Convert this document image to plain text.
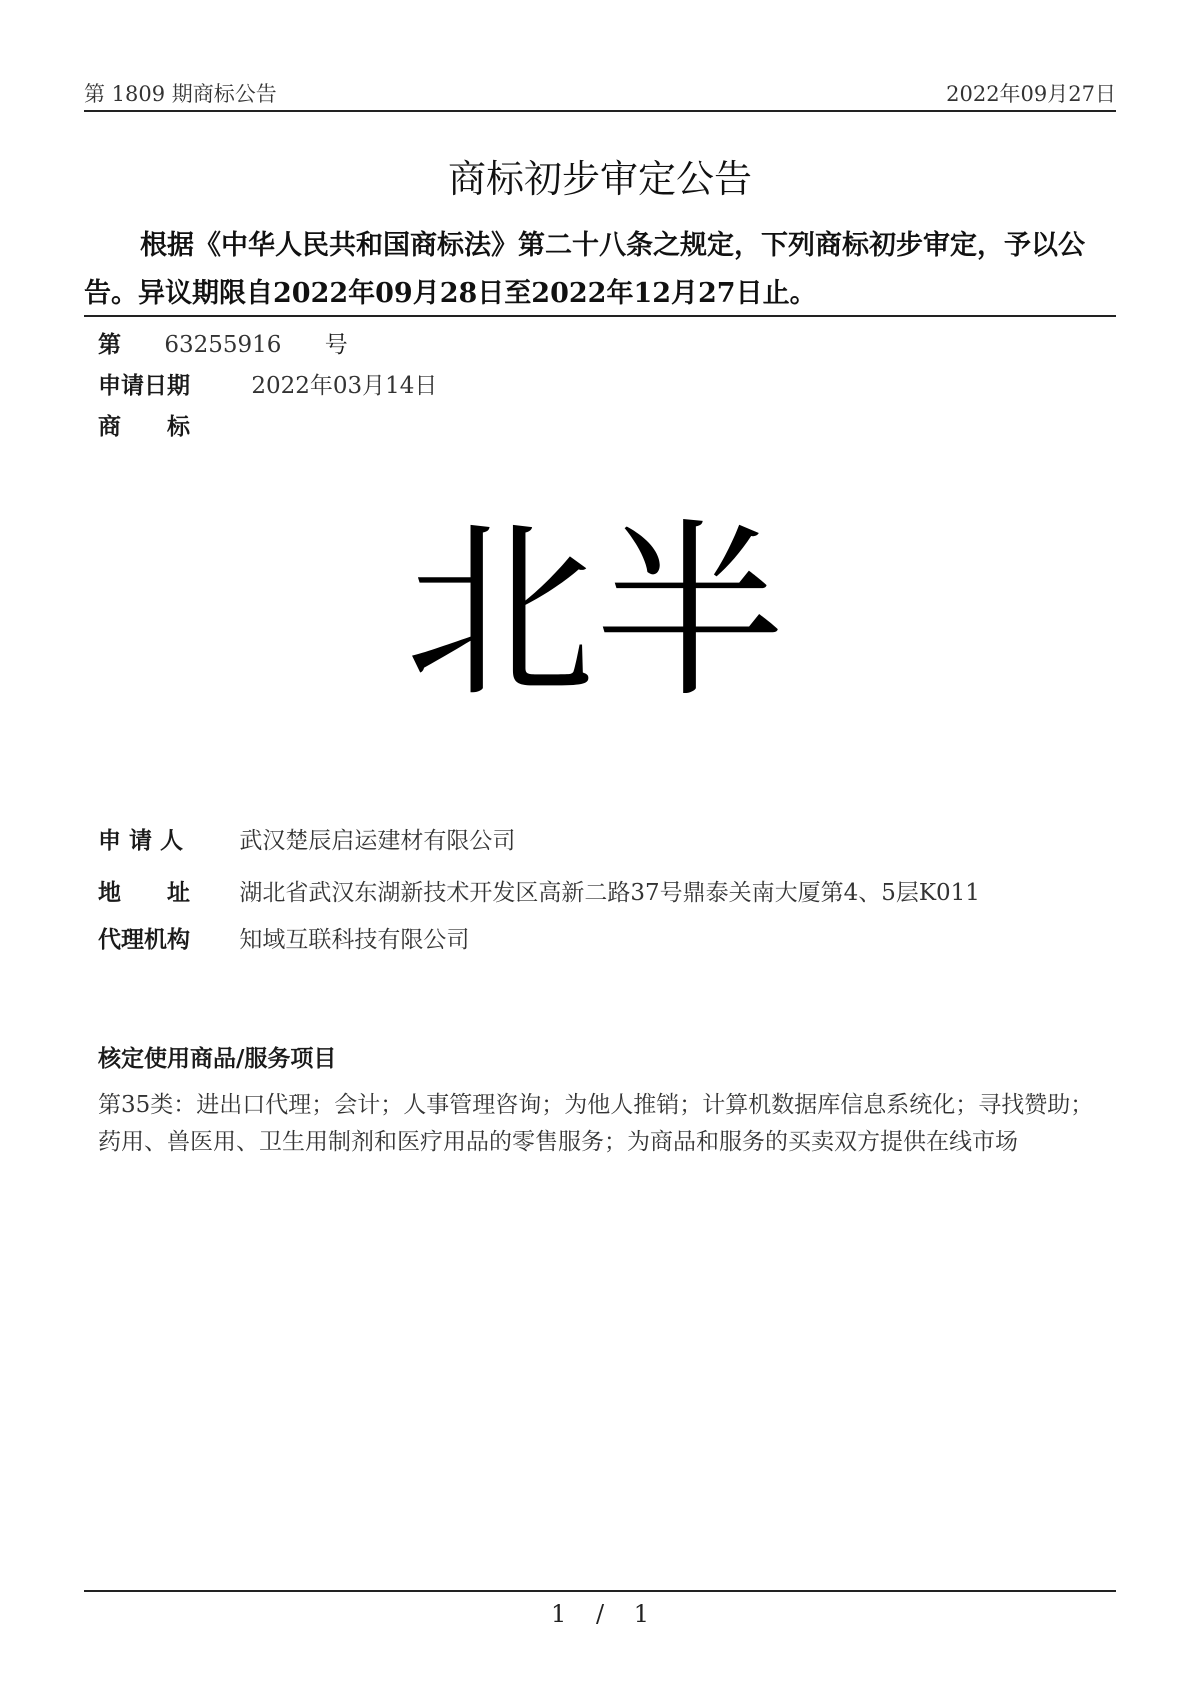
第 1809 期商标公告	2022年09月27日
商标初步审定公告
根据《中华人民共和国商标法》第二十八条之规定，下列商标初步审定，予以公告。异议期限自2022年09月28日至2022年12月27日止。
第 63255916 号
申请日期	2022年03月14日
商　　标
北半
申 请 人 武汉楚辰启运建材有限公司
地　　址 湖北省武汉东湖新技术开发区高新二路37号鼎泰关南大厦第4、5层K011
代理机构 知域互联科技有限公司
核定使用商品/服务项目
第35类：进出口代理；会计；人事管理咨询；为他人推销；计算机数据库信息系统化；寻找赞助；药用、兽医用、卫生用制剂和医疗用品的零售服务；为商品和服务的买卖双方提供在线市场
1 / 1
